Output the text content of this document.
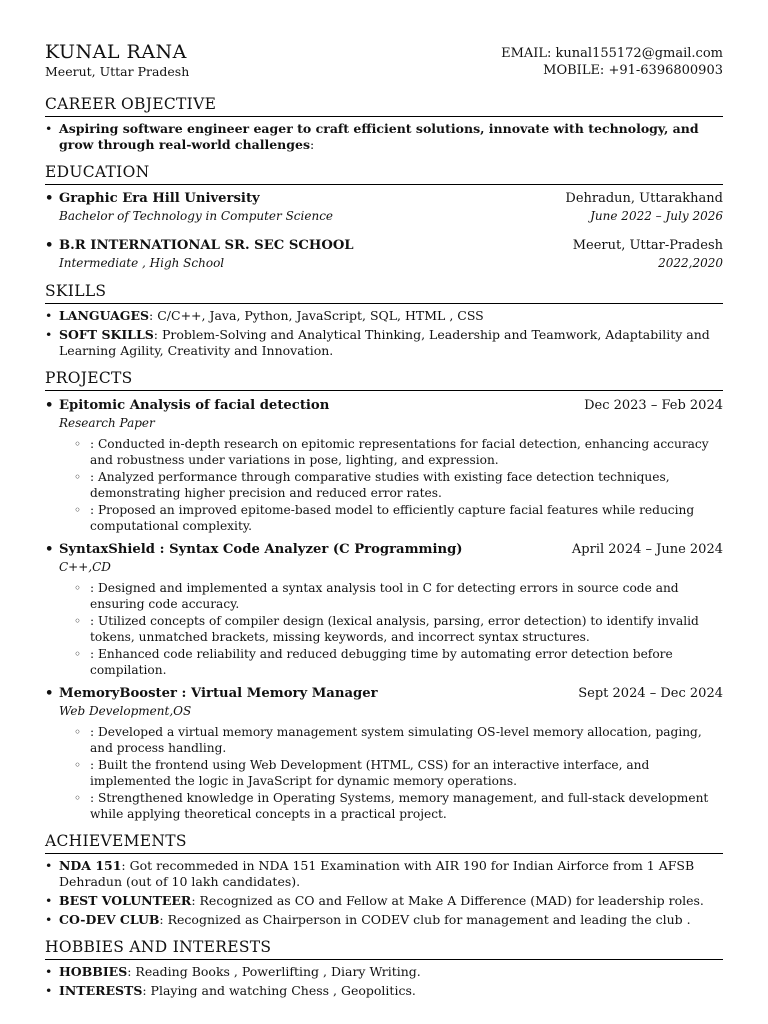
KUNAL RANA
Meerut, Uttar Pradesh
EMAIL: kunal155172@gmail.com
MOBILE: +91-6396800903
CAREER OBJECTIVE
• Aspiring software engineer eager to craft efficient solutions, innovate with technology, and grow through real-world challenges:
EDUCATION
• Graphic Era Hill University	Dehradun, Uttarakhand
Bachelor of Technology in Computer Science	June 2022 – July 2026
• B.R INTERNATIONAL SR. SEC SCHOOL	Meerut, Uttar-Pradesh
Intermediate , High School	2022,2020
SKILLS
• LANGUAGES: C/C++, Java, Python, JavaScript, SQL, HTML , CSS
• SOFT SKILLS: Problem-Solving and Analytical Thinking, Leadership and Teamwork, Adaptability and Learning Agility, Creativity and Innovation.
PROJECTS
• Epitomic Analysis of facial detection	Dec 2023 – Feb 2024
Research Paper
◦ : Conducted in-depth research on epitomic representations for facial detection, enhancing accuracy and robustness under variations in pose, lighting, and expression.
◦ : Analyzed performance through comparative studies with existing face detection techniques, demonstrating higher precision and reduced error rates.
◦ : Proposed an improved epitome-based model to efficiently capture facial features while reducing computational complexity.
• SyntaxShield : Syntax Code Analyzer (C Programming)	April 2024 – June 2024
C++,CD
◦ : Designed and implemented a syntax analysis tool in C for detecting errors in source code and ensuring code accuracy.
◦ : Utilized concepts of compiler design (lexical analysis, parsing, error detection) to identify invalid tokens, unmatched brackets, missing keywords, and incorrect syntax structures.
◦ : Enhanced code reliability and reduced debugging time by automating error detection before compilation.
• MemoryBooster : Virtual Memory Manager	Sept 2024 – Dec 2024
Web Development,OS
◦ : Developed a virtual memory management system simulating OS-level memory allocation, paging, and process handling.
◦ : Built the frontend using Web Development (HTML, CSS) for an interactive interface, and implemented the logic in JavaScript for dynamic memory operations.
◦ : Strengthened knowledge in Operating Systems, memory management, and full-stack development while applying theoretical concepts in a practical project.
ACHIEVEMENTS
• NDA 151: Got recommeded in NDA 151 Examination with AIR 190 for Indian Airforce from 1 AFSB Dehradun (out of 10 lakh candidates).
• BEST VOLUNTEER: Recognized as CO and Fellow at Make A Difference (MAD) for leadership roles.
• CO-DEV CLUB: Recognized as Chairperson in CODEV club for management and leading the club .
HOBBIES AND INTERESTS
• HOBBIES: Reading Books , Powerlifting , Diary Writing.
• INTERESTS: Playing and watching Chess , Geopolitics.
